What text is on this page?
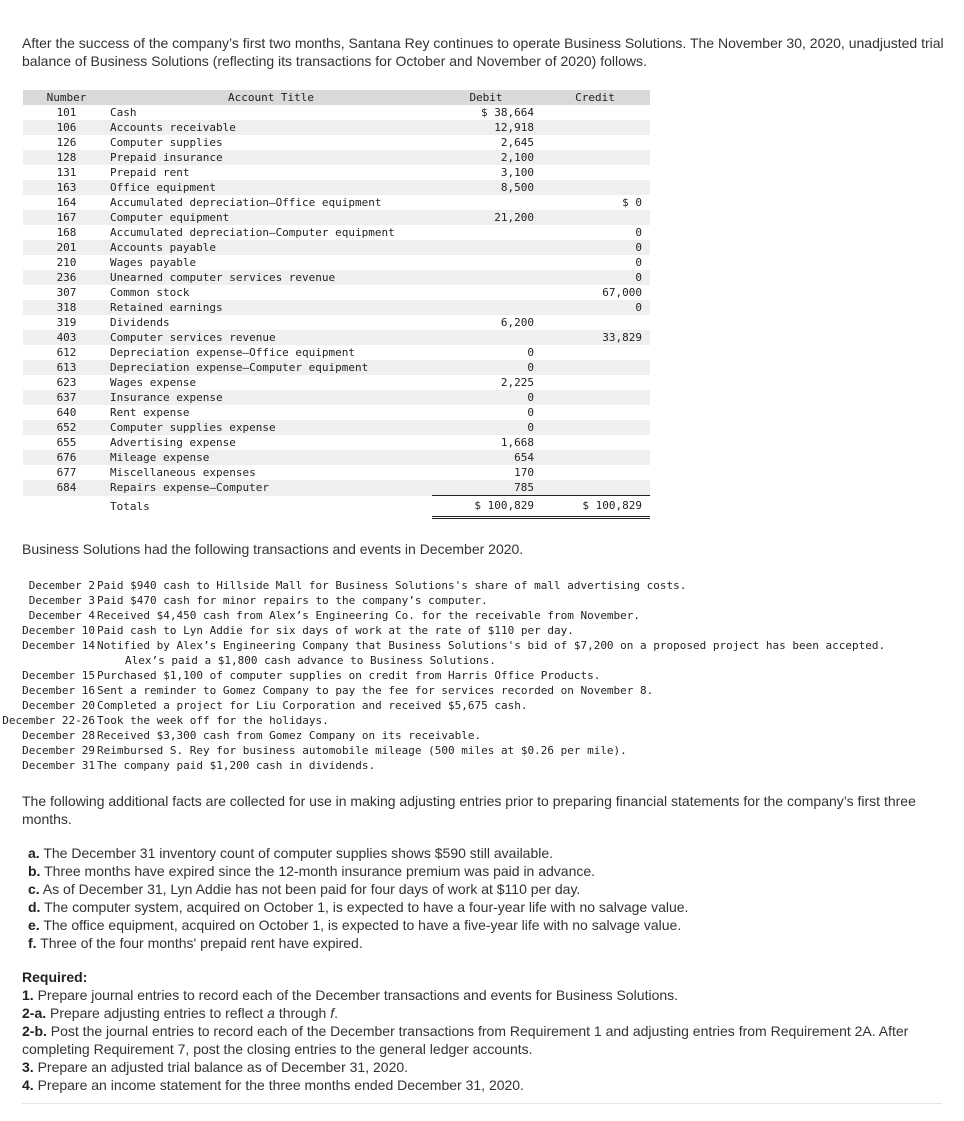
After the success of the company’s first two months, Santana Rey continues to operate Business Solutions. The November 30, 2020, unadjusted trial balance of Business Solutions (reflecting its transactions for October and November of 2020) follows.
Number	Account Title	Debit	Credit
101	Cash	$ 38,664	
106	Accounts receivable	12,918	
126	Computer supplies	2,645	
128	Prepaid insurance	2,100	
131	Prepaid rent	3,100	
163	Office equipment	8,500	
164	Accumulated depreciation—Office equipment		$ 0
167	Computer equipment	21,200	
168	Accumulated depreciation—Computer equipment		0
201	Accounts payable		0
210	Wages payable		0
236	Unearned computer services revenue		0
307	Common stock		67,000
318	Retained earnings		0
319	Dividends	6,200	
403	Computer services revenue		33,829
612	Depreciation expense—Office equipment	0	
613	Depreciation expense—Computer equipment	0	
623	Wages expense	2,225	
637	Insurance expense	0	
640	Rent expense	0	
652	Computer supplies expense	0	
655	Advertising expense	1,668	
676	Mileage expense	654	
677	Miscellaneous expenses	170	
684	Repairs expense—Computer	785	
	Totals	$ 100,829	$ 100,829
Business Solutions had the following transactions and events in December 2020.
December 2 Paid $940 cash to Hillside Mall for Business Solutions's share of mall advertising costs.
December 3 Paid $470 cash for minor repairs to the company’s computer.
December 4 Received $4,450 cash from Alex’s Engineering Co. for the receivable from November.
December 10 Paid cash to Lyn Addie for six days of work at the rate of $110 per day.
December 14 Notified by Alex’s Engineering Company that Business Solutions's bid of $7,200 on a proposed project has been accepted.
Alex’s paid a $1,800 cash advance to Business Solutions.
December 15 Purchased $1,100 of computer supplies on credit from Harris Office Products.
December 16 Sent a reminder to Gomez Company to pay the fee for services recorded on November 8.
December 20 Completed a project for Liu Corporation and received $5,675 cash.
December 22-26 Took the week off for the holidays.
December 28 Received $3,300 cash from Gomez Company on its receivable.
December 29 Reimbursed S. Rey for business automobile mileage (500 miles at $0.26 per mile).
December 31 The company paid $1,200 cash in dividends.
The following additional facts are collected for use in making adjusting entries prior to preparing financial statements for the company’s first three months.
a. The December 31 inventory count of computer supplies shows $590 still available.
b. Three months have expired since the 12-month insurance premium was paid in advance.
c. As of December 31, Lyn Addie has not been paid for four days of work at $110 per day.
d. The computer system, acquired on October 1, is expected to have a four-year life with no salvage value.
e. The office equipment, acquired on October 1, is expected to have a five-year life with no salvage value.
f. Three of the four months' prepaid rent have expired.
Required:
1. Prepare journal entries to record each of the December transactions and events for Business Solutions.
2-a. Prepare adjusting entries to reflect a through f.
2-b. Post the journal entries to record each of the December transactions from Requirement 1 and adjusting entries from Requirement 2A. After completing Requirement 7, post the closing entries to the general ledger accounts.
3. Prepare an adjusted trial balance as of December 31, 2020.
4. Prepare an income statement for the three months ended December 31, 2020.
